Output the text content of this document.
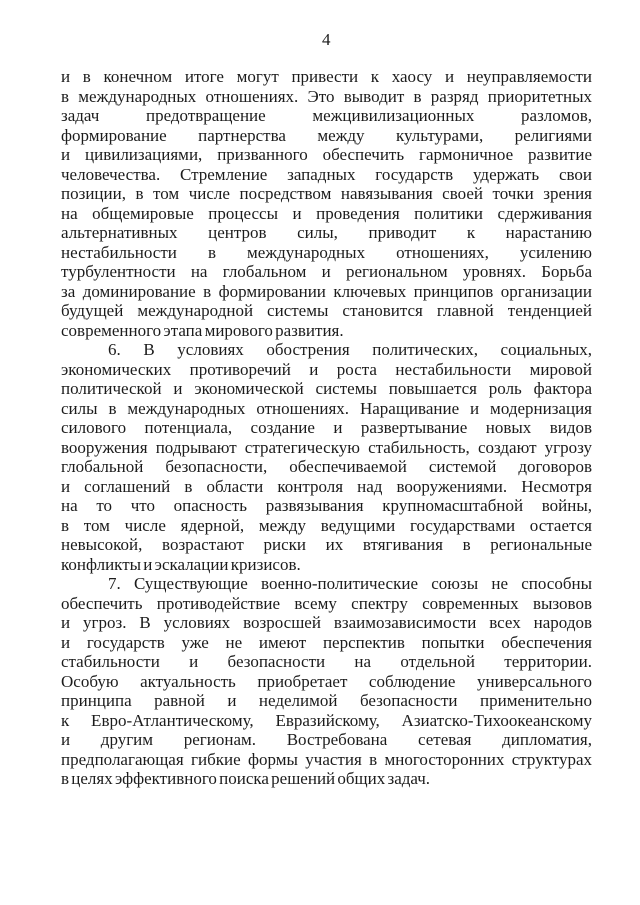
4
и в конечном итоге могут привести к хаосу и неуправляемости
в международных отношениях. Это выводит в разряд приоритетных
задач предотвращение межцивилизационных разломов,
формирование партнерства между культурами, религиями
и цивилизациями, призванного обеспечить гармоничное развитие
человечества. Стремление западных государств удержать свои
позиции, в том числе посредством навязывания своей точки зрения
на общемировые процессы и проведения политики сдерживания
альтернативных центров силы, приводит к нарастанию
нестабильности в международных отношениях, усилению
турбулентности на глобальном и региональном уровнях. Борьба
за доминирование в формировании ключевых принципов организации
будущей международной системы становится главной тенденцией
современного этапа мирового развития.
6. В условиях обострения политических, социальных,
экономических противоречий и роста нестабильности мировой
политической и экономической системы повышается роль фактора
силы в международных отношениях. Наращивание и модернизация
силового потенциала, создание и развертывание новых видов
вооружения подрывают стратегическую стабильность, создают угрозу
глобальной безопасности, обеспечиваемой системой договоров
и соглашений в области контроля над вооружениями. Несмотря
на то что опасность развязывания крупномасштабной войны,
в том числе ядерной, между ведущими государствами остается
невысокой, возрастают риски их втягивания в региональные
конфликты и эскалации кризисов.
7. Существующие военно-политические союзы не способны
обеспечить противодействие всему спектру современных вызовов
и угроз. В условиях возросшей взаимозависимости всех народов
и государств уже не имеют перспектив попытки обеспечения
стабильности и безопасности на отдельной территории.
Особую актуальность приобретает соблюдение универсального
принципа равной и неделимой безопасности применительно
к Евро-Атлантическому, Евразийскому, Азиатско-Тихоокеанскому
и другим регионам. Востребована сетевая дипломатия,
предполагающая гибкие формы участия в многосторонних структурах
в целях эффективного поиска решений общих задач.
